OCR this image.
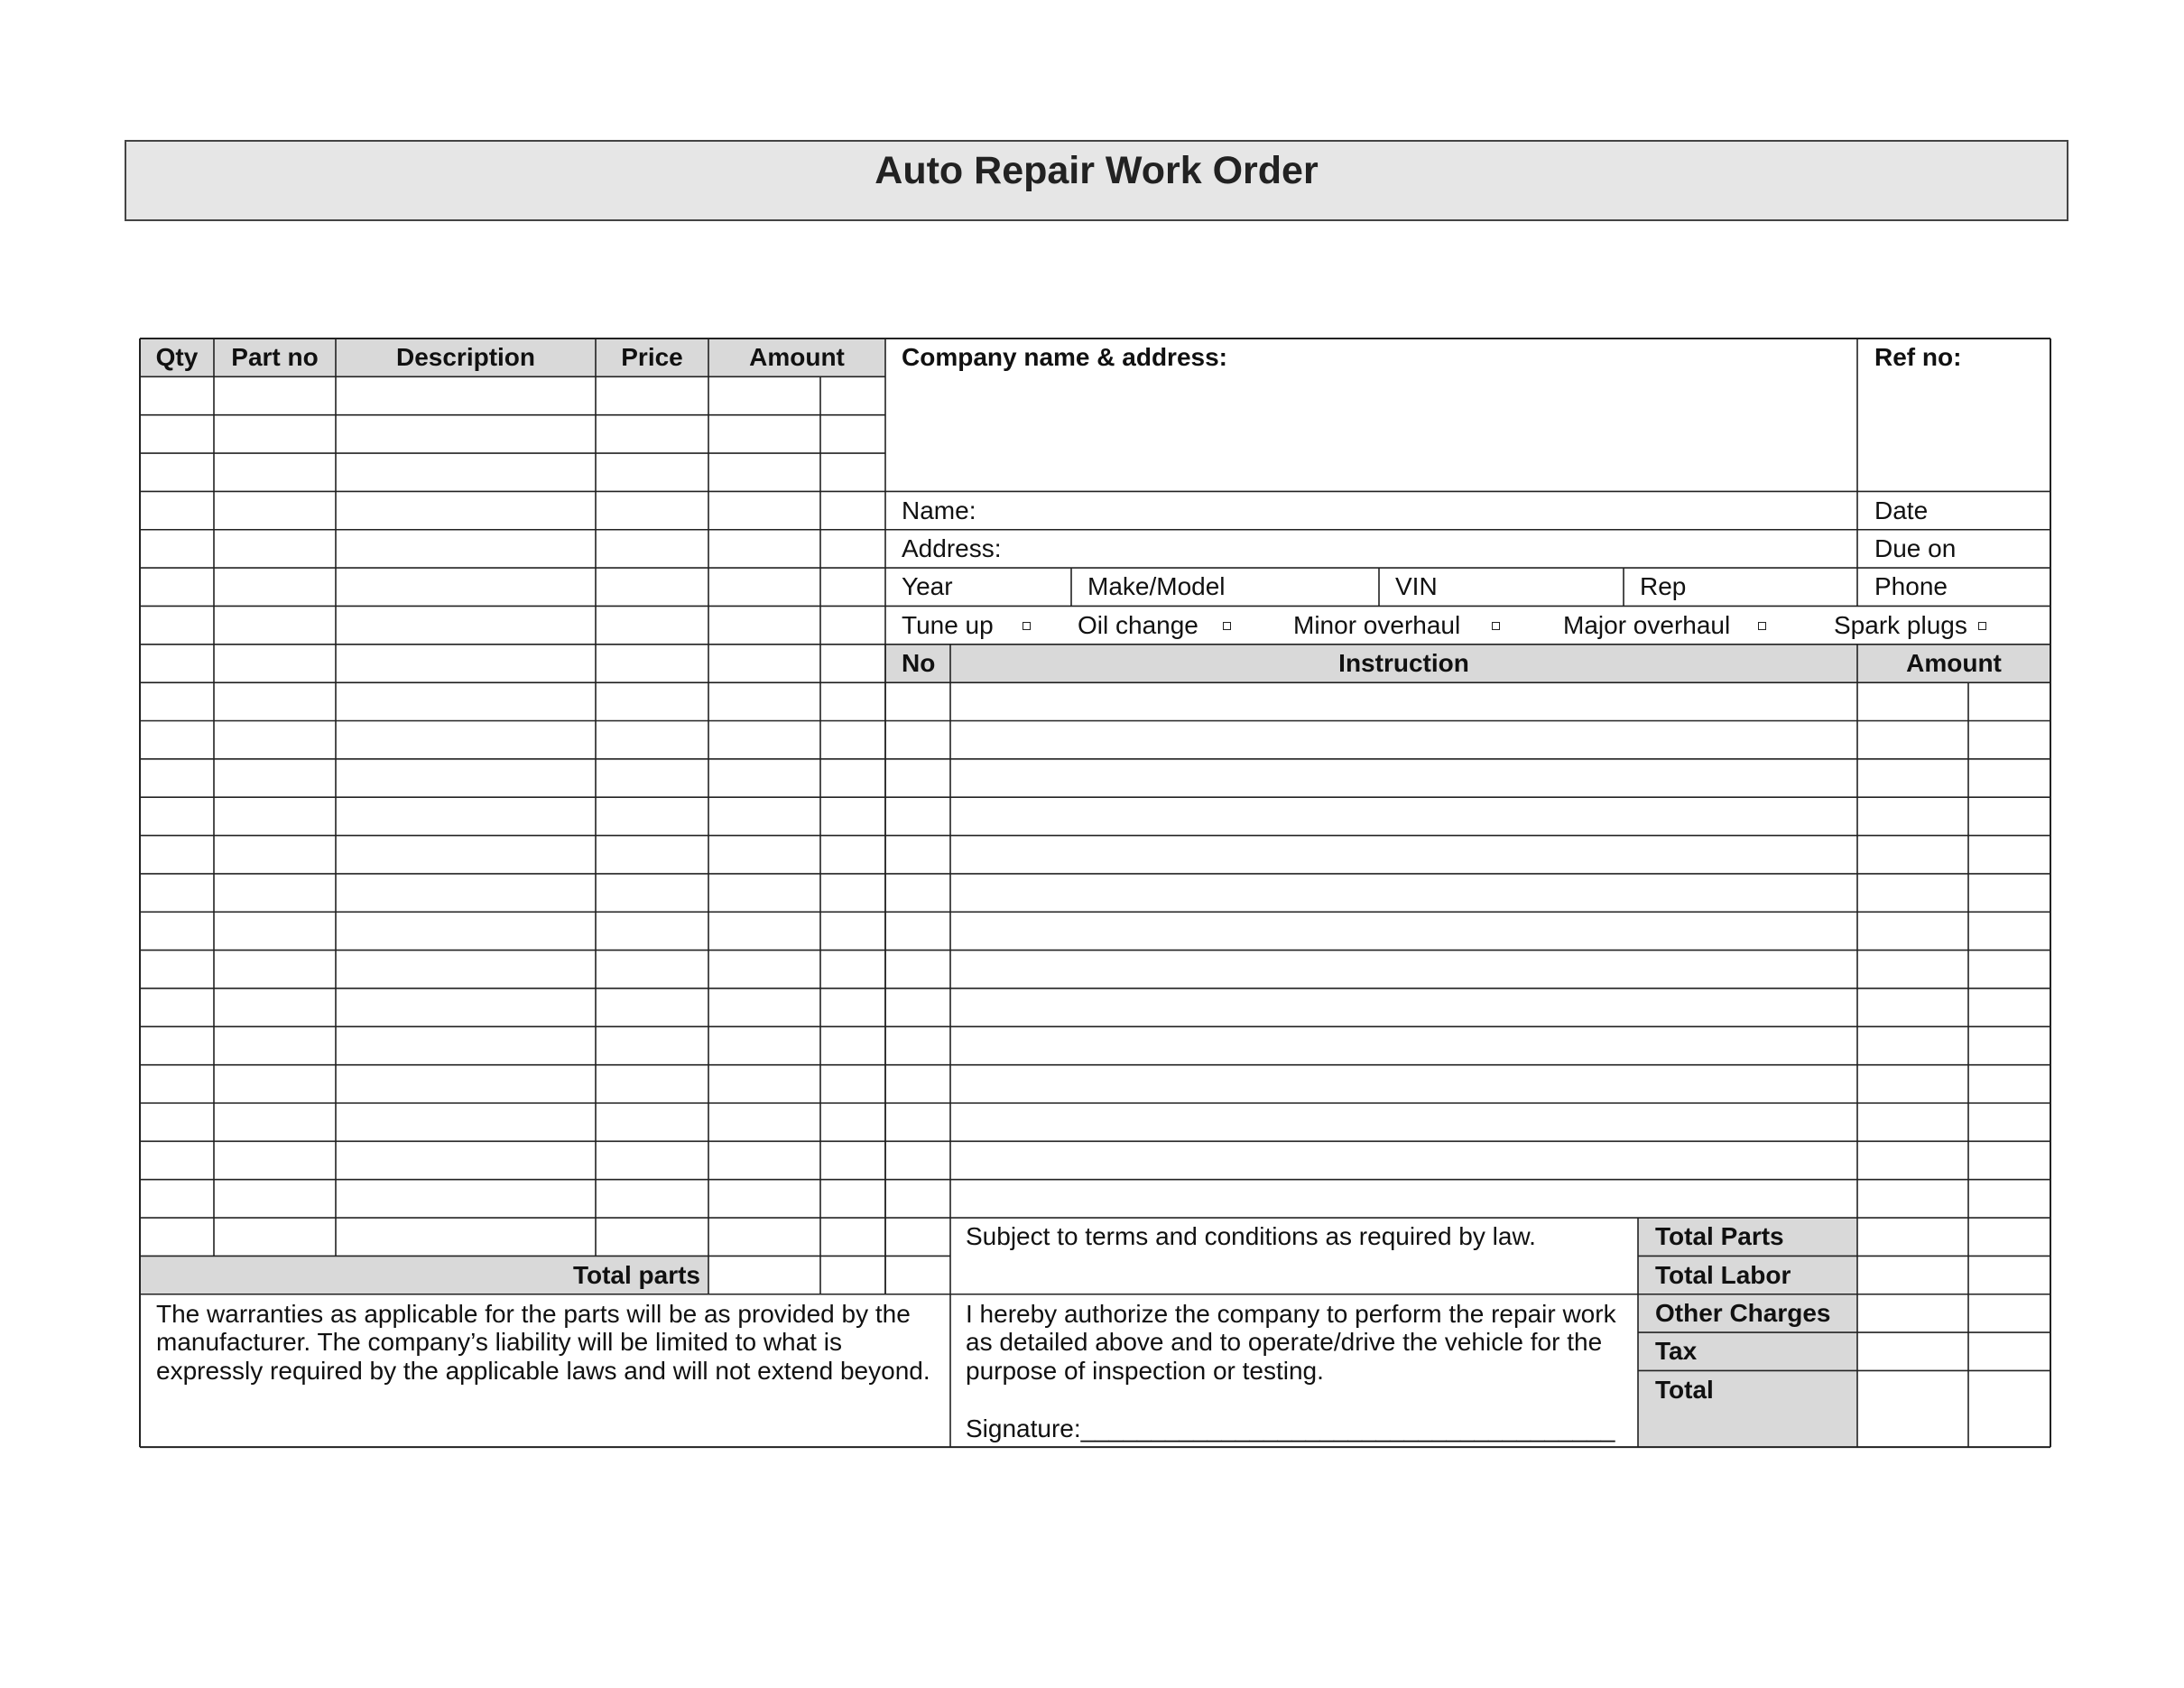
Auto Repair Work Order
Qty Part no	Description	Price	Amount
Total parts
Company name & address:	Ref no:
Name:	Date
Address:	Due on
Year	Make/Model	VIN	Rep	Phone
Tune up	Oil change	Minor overhaul	Major overhaul	Spark plugs
No	Instruction	Amount
Subject to terms and conditions as required by law.
The warranties as applicable for the parts will be as provided by the
manufacturer. The company’s liability will be limited to what is
expressly required by the applicable laws and will not extend beyond.
I hereby authorize the company to perform the repair work
as detailed above and to operate/drive the vehicle for the
purpose of inspection or testing.
Signature:______________________________________
Total Parts
Total Labor
Other Charges
Tax
Total
